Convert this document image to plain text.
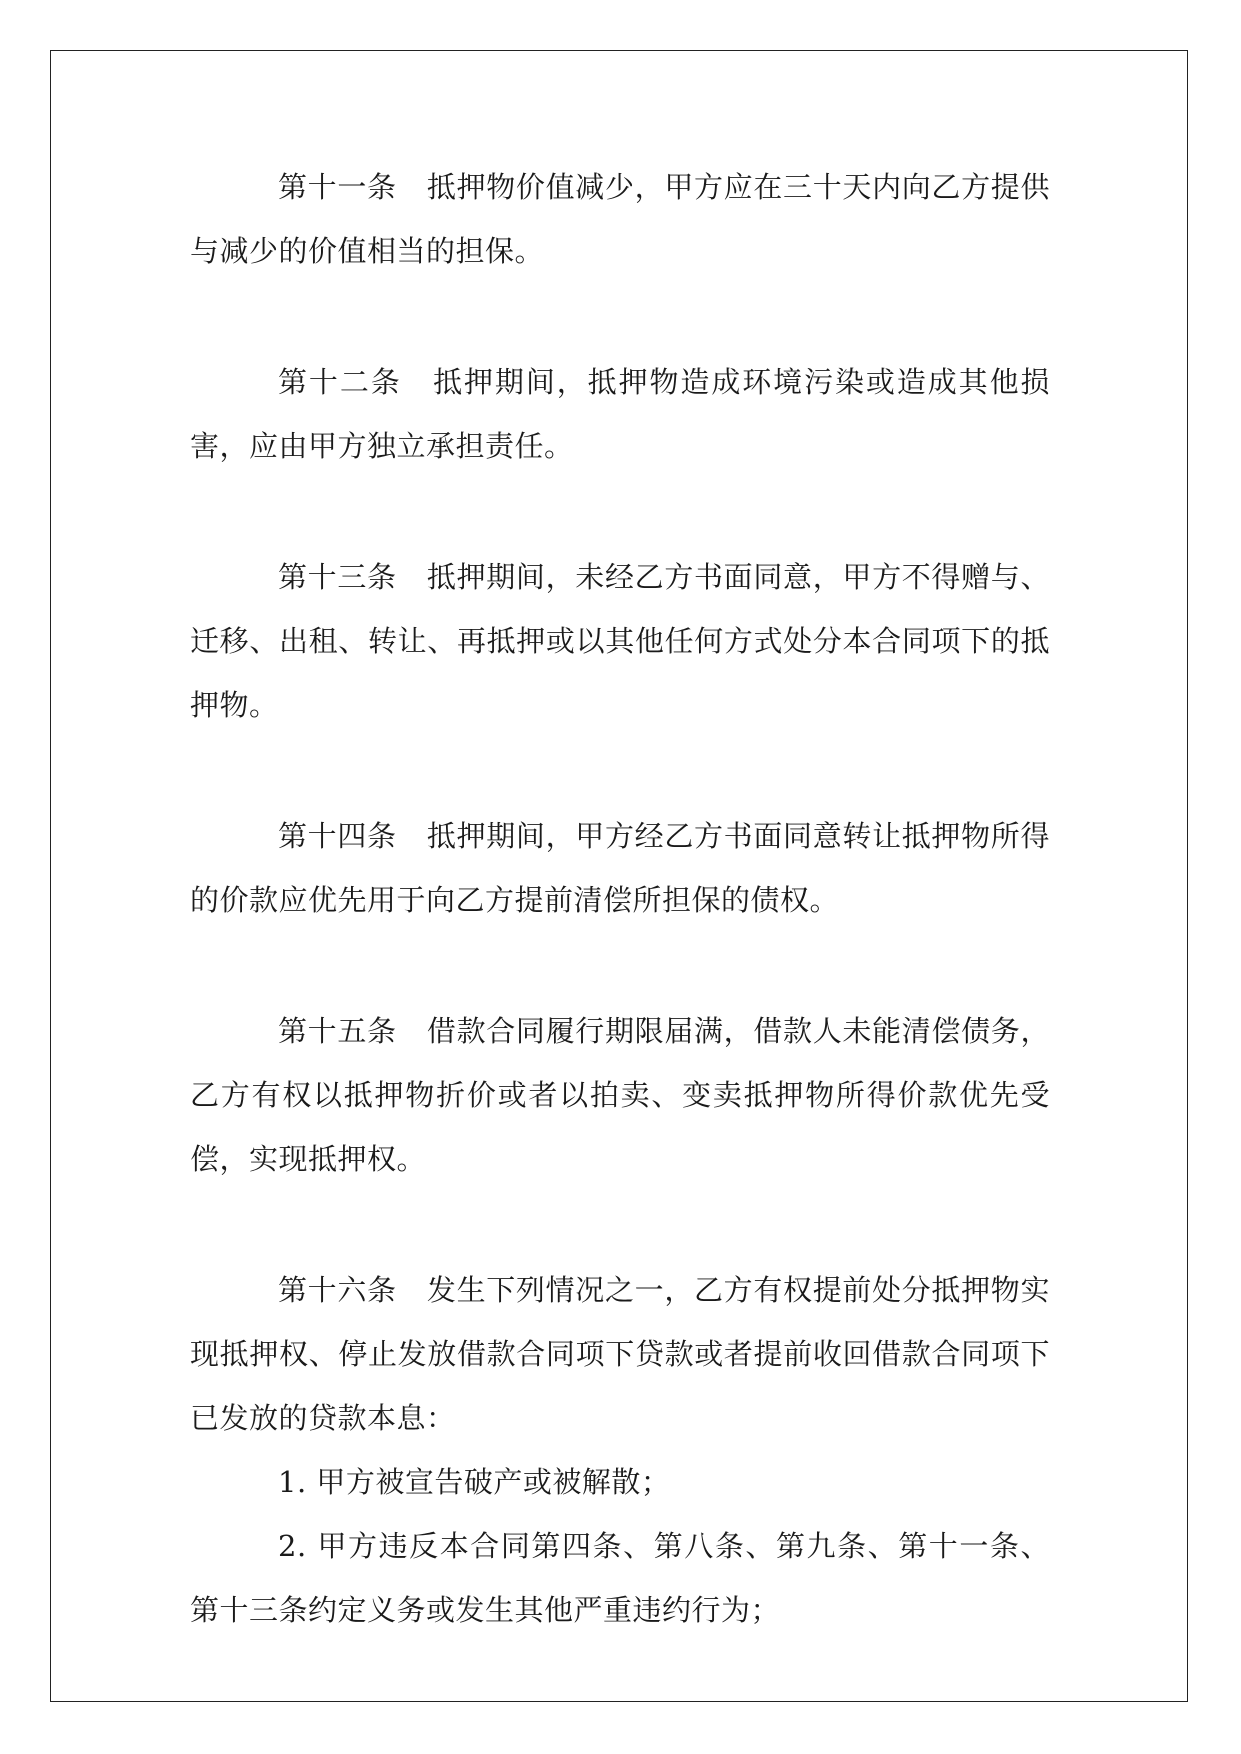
第十一条 抵押物价值减少，甲方应在三十天内向乙方提供与减少的价值相当的担保。
第十二条 抵押期间，抵押物造成环境污染或造成其他损害，应由甲方独立承担责任。
第十三条 抵押期间，未经乙方书面同意，甲方不得赠与、迁移、出租、转让、再抵押或以其他任何方式处分本合同项下的抵押物。
第十四条 抵押期间，甲方经乙方书面同意转让抵押物所得的价款应优先用于向乙方提前清偿所担保的债权。
第十五条 借款合同履行期限届满，借款人未能清偿债务，乙方有权以抵押物折价或者以拍卖、变卖抵押物所得价款优先受偿，实现抵押权。
第十六条 发生下列情况之一，乙方有权提前处分抵押物实现抵押权、停止发放借款合同项下贷款或者提前收回借款合同项下已发放的贷款本息：
1. 甲方被宣告破产或被解散；
2. 甲方违反本合同第四条、第八条、第九条、第十一条、第十三条约定义务或发生其他严重违约行为；
